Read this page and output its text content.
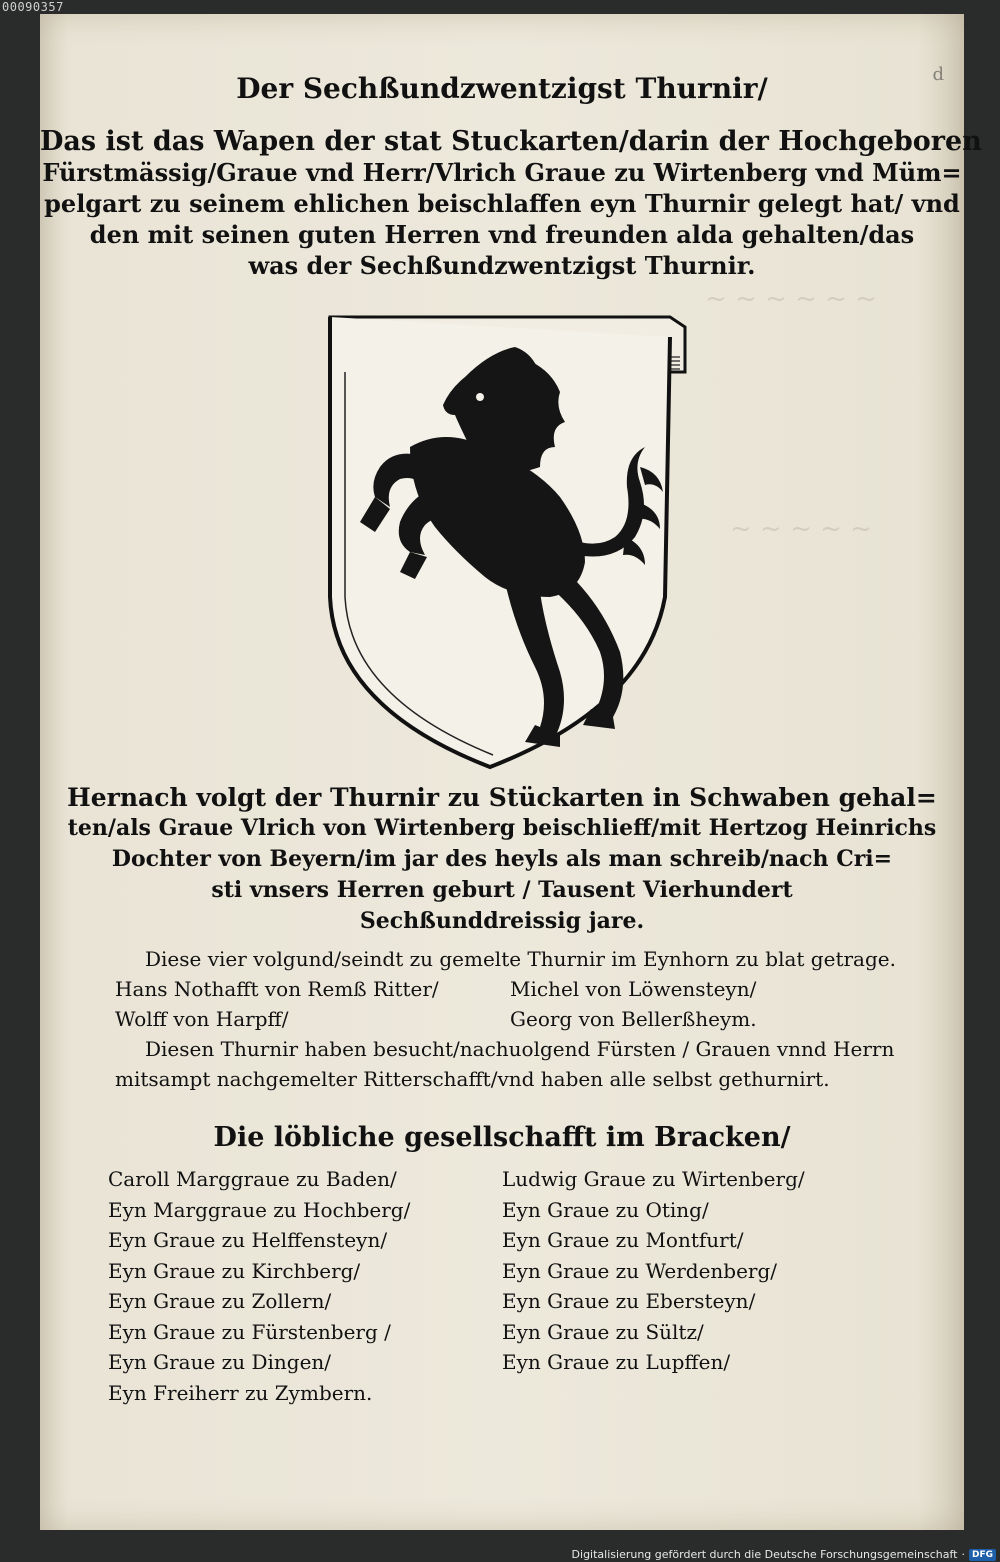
00090357
~ ~ ~ ~ ~ ~
~ ~ ~ ~ ~
d
Der Sechßundzwentzigst Thurnir/
Das ist das Wapen der stat Stuckarten/darin der Hochgeboren
Fürstmässig/Graue vnd Herr/Vlrich Graue zu Wirtenberg vnd Müm=
pelgart zu seinem ehlichen beischlaffen eyn Thurnir gelegt hat/ vnd
den mit seinen guten Herren vnd freunden alda gehalten/das
was der Sechßundzwentzigst Thurnir.
Hernach volgt der Thurnir zu Stückarten in Schwaben gehal=
ten/als Graue Vlrich von Wirtenberg beischlieff/mit Hertzog Heinrichs
Dochter von Beyern/im jar des heyls als man schreib/nach Cri=
sti vnsers Herren geburt / Tausent Vierhundert
Sechßunddreissig jare.
Diese vier volgund/seindt zu gemelte Thurnir im Eynhorn zu blat getrage.
Hans Nothafft von Remß Ritter/	Michel von Löwensteyn/
Wolff von Harpff/	Georg von Bellerßheym.
Diesen Thurnir haben besucht/nachuolgend Fürsten / Grauen vnnd Herrn
mitsampt nachgemelter Ritterschafft/vnd haben alle selbst gethurnirt.
Die löbliche gesellschafft im Bracken/
Caroll Marggraue zu Baden/
Eyn Marggraue zu Hochberg/
Eyn Graue zu Helffensteyn/
Eyn Graue zu Kirchberg/
Eyn Graue zu Zollern/
Eyn Graue zu Fürstenberg /
Eyn Graue zu Dingen/
Eyn Freiherr zu Zymbern.
Ludwig Graue zu Wirtenberg/
Eyn Graue zu Oting/
Eyn Graue zu Montfurt/
Eyn Graue zu Werdenberg/
Eyn Graue zu Ebersteyn/
Eyn Graue zu Sültz/
Eyn Graue zu Lupffen/
Digitalisierung gefördert durch die Deutsche Forschungsgemeinschaft · DFG
